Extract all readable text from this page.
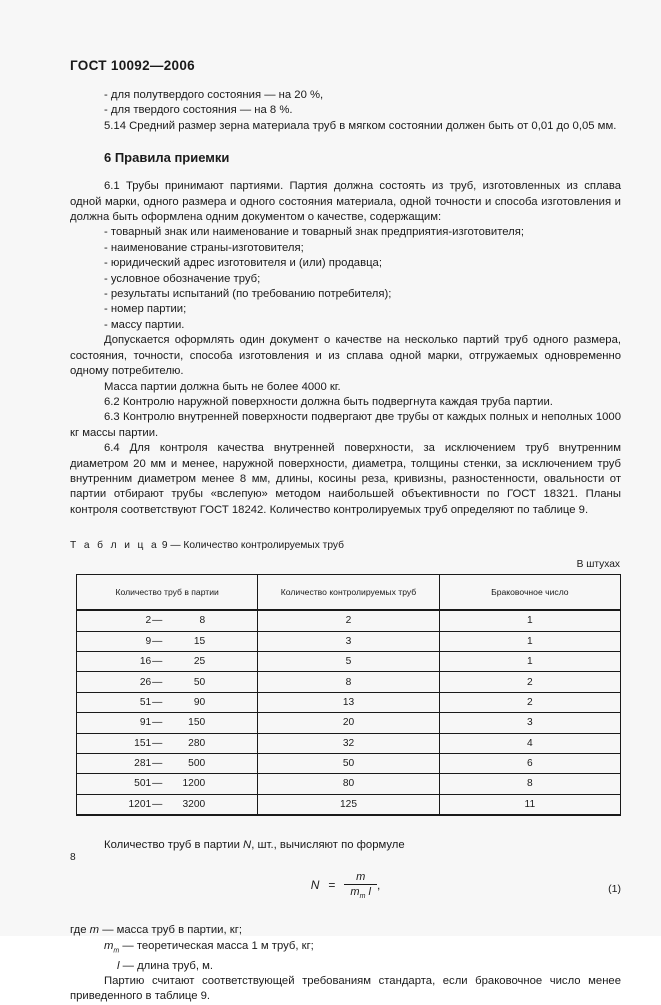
ГОСТ 10092—2006

- для полутвердого состояния — на 20 %,

- для твердого состояния — на 8 %.

5.14 Средний размер зерна материала труб в мягком состоянии должен быть от 0,01 до 0,05 мм.

6 Правила приемки

6.1 Трубы принимают партиями. Партия должна состоять из труб, изготовленных из сплава одной марки, одного размера и одного состояния материала, одной точности и способа изготовления и должна быть оформлена одним документом о качестве, содержащим:

- товарный знак или наименование и товарный знак предприятия-изготовителя;

- наименование страны-изготовителя;

- юридический адрес изготовителя и (или) продавца;

- условное обозначение труб;

- результаты испытаний (по требованию потребителя);

- номер партии;

- массу партии.

Допускается оформлять один документ о качестве на несколько партий труб одного размера, состояния, точности, способа изготовления и из сплава одной марки, отгружаемых одновременно одному потребителю.

Масса партии должна быть не более 4000 кг.

6.2 Контролю наружной поверхности должна быть подвергнута каждая труба партии.

6.3 Контролю внутренней поверхности подвергают две трубы от каждых полных и неполных 1000 кг массы партии.

6.4 Для контроля качества внутренней поверхности, за исключением труб внутренним диаметром 20 мм и менее, наружной поверхности, диаметра, толщины стенки, за исключением труб внутренним диаметром менее 8 мм, длины, косины реза, кривизны, разностенности, овальности от партии отбирают трубы «вслепую» методом наибольшей объективности по ГОСТ 18321. Планы контроля соответствуют ГОСТ 18242. Количество контролируемых труб определяют по таблице 9.

Т а б л и ц а 9 — Количество контролируемых труб
В штухах
Количество труб в партии	Количество контролируемых труб	Браковочное число
2— 8	2	1
9— 15	3	1
16— 25	5	1
26— 50	8	2
51— 90	13	2
91— 150	20	3
151— 280	32	4
281— 500	50	6
501— 1200	80	8
1201— 3200	125	11

Количество труб в партии N, шт., вычисляют по формуле

$N = \frac{m}{m_т l}$ ,	(1)

где m — масса труб в партии, кг;

$m_т$ — теоретическая масса 1 м труб, кг;

l — длина труб, м.

Партию считают соответствующей требованиям стандарта, если браковочное число менее приведенного в таблице 9.

8
